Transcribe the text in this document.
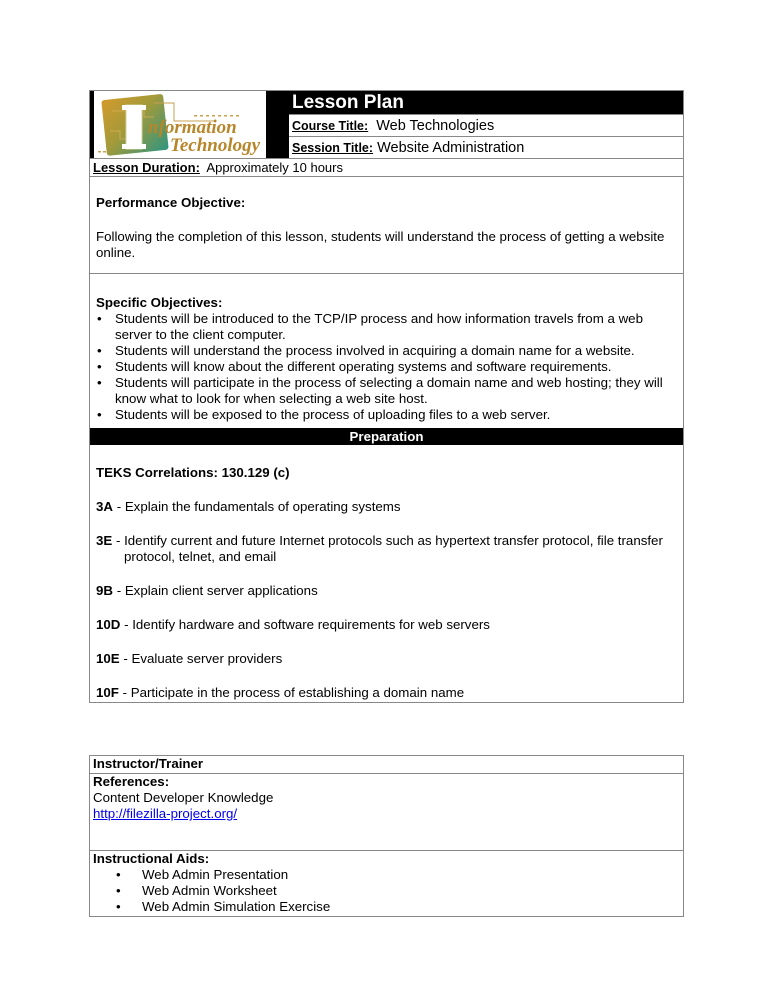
nformation
Technology
Lesson Plan
Course Title: Web Technologies
Session Title: Website Administration
Lesson Duration: Approximately 10 hours
Performance Objective:
Following the completion of this lesson, students will understand the process of getting a website online.
Specific Objectives:
• Students will be introduced to the TCP/IP process and how information travels from a web server to the client computer.
• Students will understand the process involved in acquiring a domain name for a website.
• Students will know about the different operating systems and software requirements.
• Students will participate in the process of selecting a domain name and web hosting; they will know what to look for when selecting a web site host.
• Students will be exposed to the process of uploading files to a web server.
Preparation
TEKS Correlations: 130.129 (c)
3A - Explain the fundamentals of operating systems
3E - Identify current and future Internet protocols such as hypertext transfer protocol, file transfer protocol, telnet, and email
9B - Explain client server applications
10D - Identify hardware and software requirements for web servers
10E - Evaluate server providers
10F - Participate in the process of establishing a domain name
Instructor/Trainer
References:
Content Developer Knowledge
http://filezilla-project.org/
Instructional Aids:
• Web Admin Presentation
• Web Admin Worksheet
• Web Admin Simulation Exercise
